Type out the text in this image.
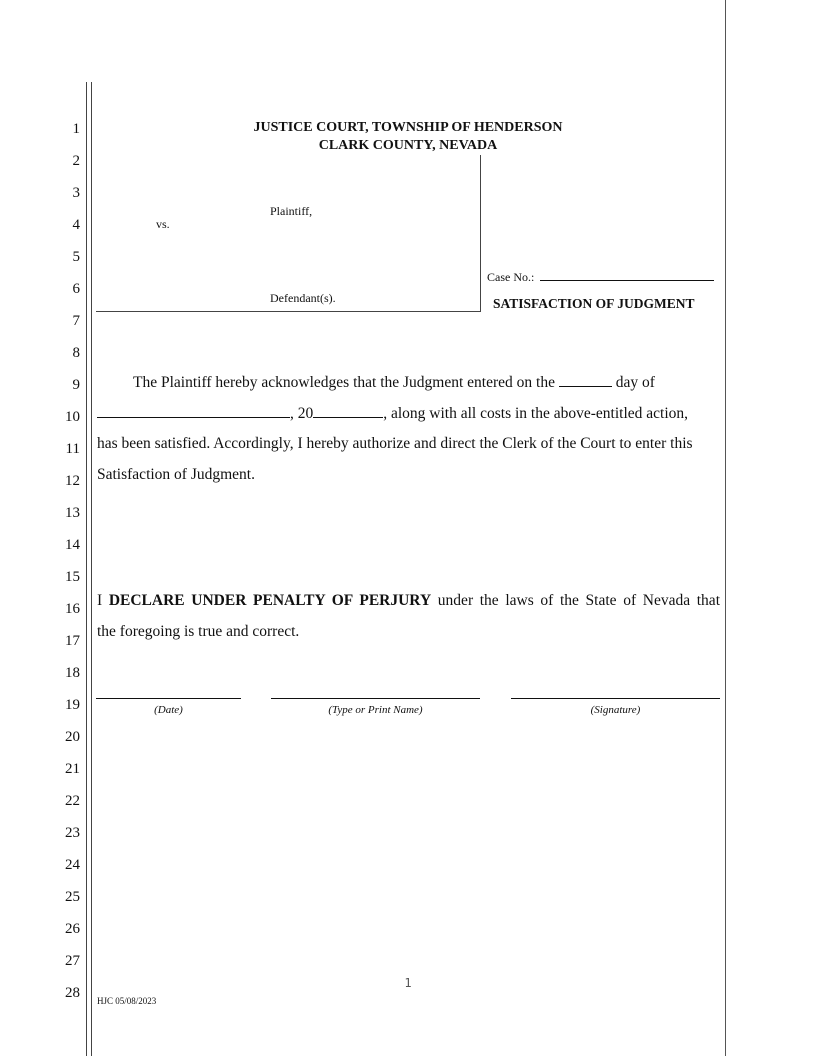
1
2
3
4
5
6
7
8
9
10
11
12
13
14
15
16
17
18
19
20
21
22
23
24
25
26
27
28
JUSTICE COURT, TOWNSHIP OF HENDERSON
CLARK COUNTY, NEVADA
Plaintiff,
vs.
Defendant(s).
Case No.:
SATISFACTION OF JUDGMENT
The Plaintiff hereby acknowledges that the Judgment entered on the	day of
, 20	, along with all costs in the above-entitled action,
has been satisfied. Accordingly, I hereby authorize and direct the Clerk of the Court to enter this
Satisfaction of Judgment.
I DECLARE UNDER PENALTY OF PERJURY under the laws of the State of Nevada that
the foregoing is true and correct.
(Date)	(Type or Print Name)	(Signature)
1
HJC 05/08/2023
